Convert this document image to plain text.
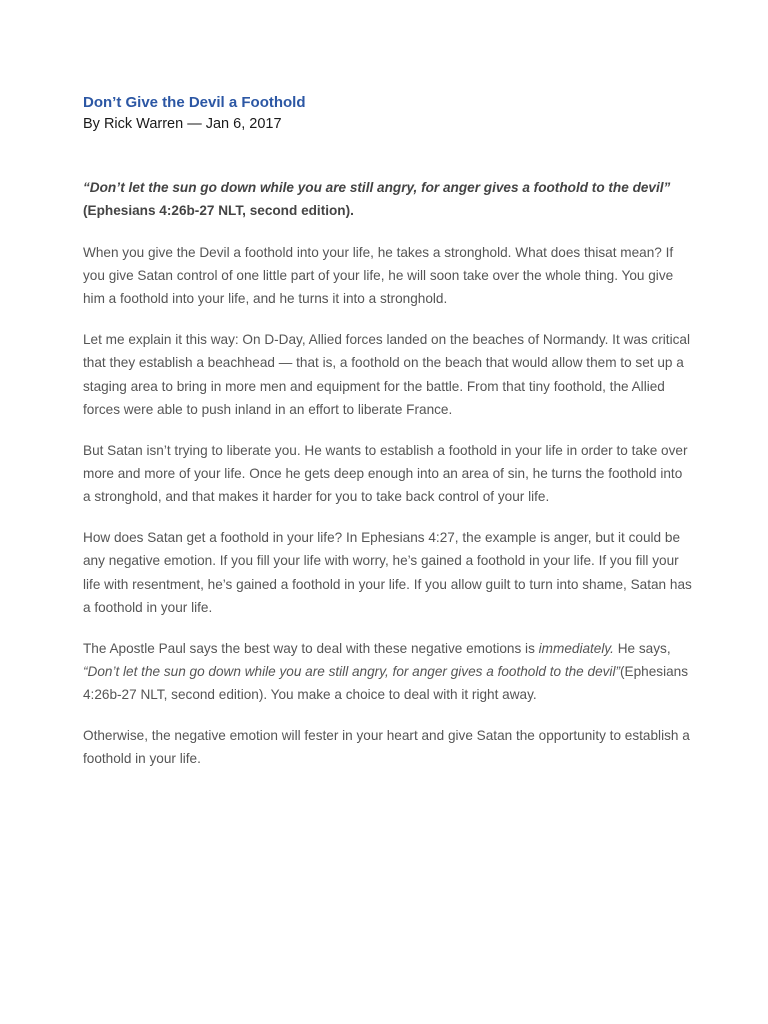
Don’t Give the Devil a Foothold

By Rick Warren — Jan 6, 2017

“Don’t let the sun go down while you are still angry, for anger gives a foothold to the devil” (Ephesians 4:26b-27 NLT, second edition).

When you give the Devil a foothold into your life, he takes a stronghold. What does thisat mean? If you give Satan control of one little part of your life, he will soon take over the whole thing. You give him a foothold into your life, and he turns it into a stronghold.

Let me explain it this way: On D-Day, Allied forces landed on the beaches of Normandy. It was critical that they establish a beachhead — that is, a foothold on the beach that would allow them to set up a staging area to bring in more men and equipment for the battle. From that tiny foothold, the Allied forces were able to push inland in an effort to liberate France.

But Satan isn’t trying to liberate you. He wants to establish a foothold in your life in order to take over more and more of your life. Once he gets deep enough into an area of sin, he turns the foothold into a stronghold, and that makes it harder for you to take back control of your life.

How does Satan get a foothold in your life? In Ephesians 4:27, the example is anger, but it could be any negative emotion. If you fill your life with worry, he’s gained a foothold in your life. If you fill your life with resentment, he’s gained a foothold in your life. If you allow guilt to turn into shame, Satan has a foothold in your life.

The Apostle Paul says the best way to deal with these negative emotions is immediately. He says, “Don’t let the sun go down while you are still angry, for anger gives a foothold to the devil”(Ephesians 4:26b-27 NLT, second edition). You make a choice to deal with it right away.

Otherwise, the negative emotion will fester in your heart and give Satan the opportunity to establish a foothold in your life.
